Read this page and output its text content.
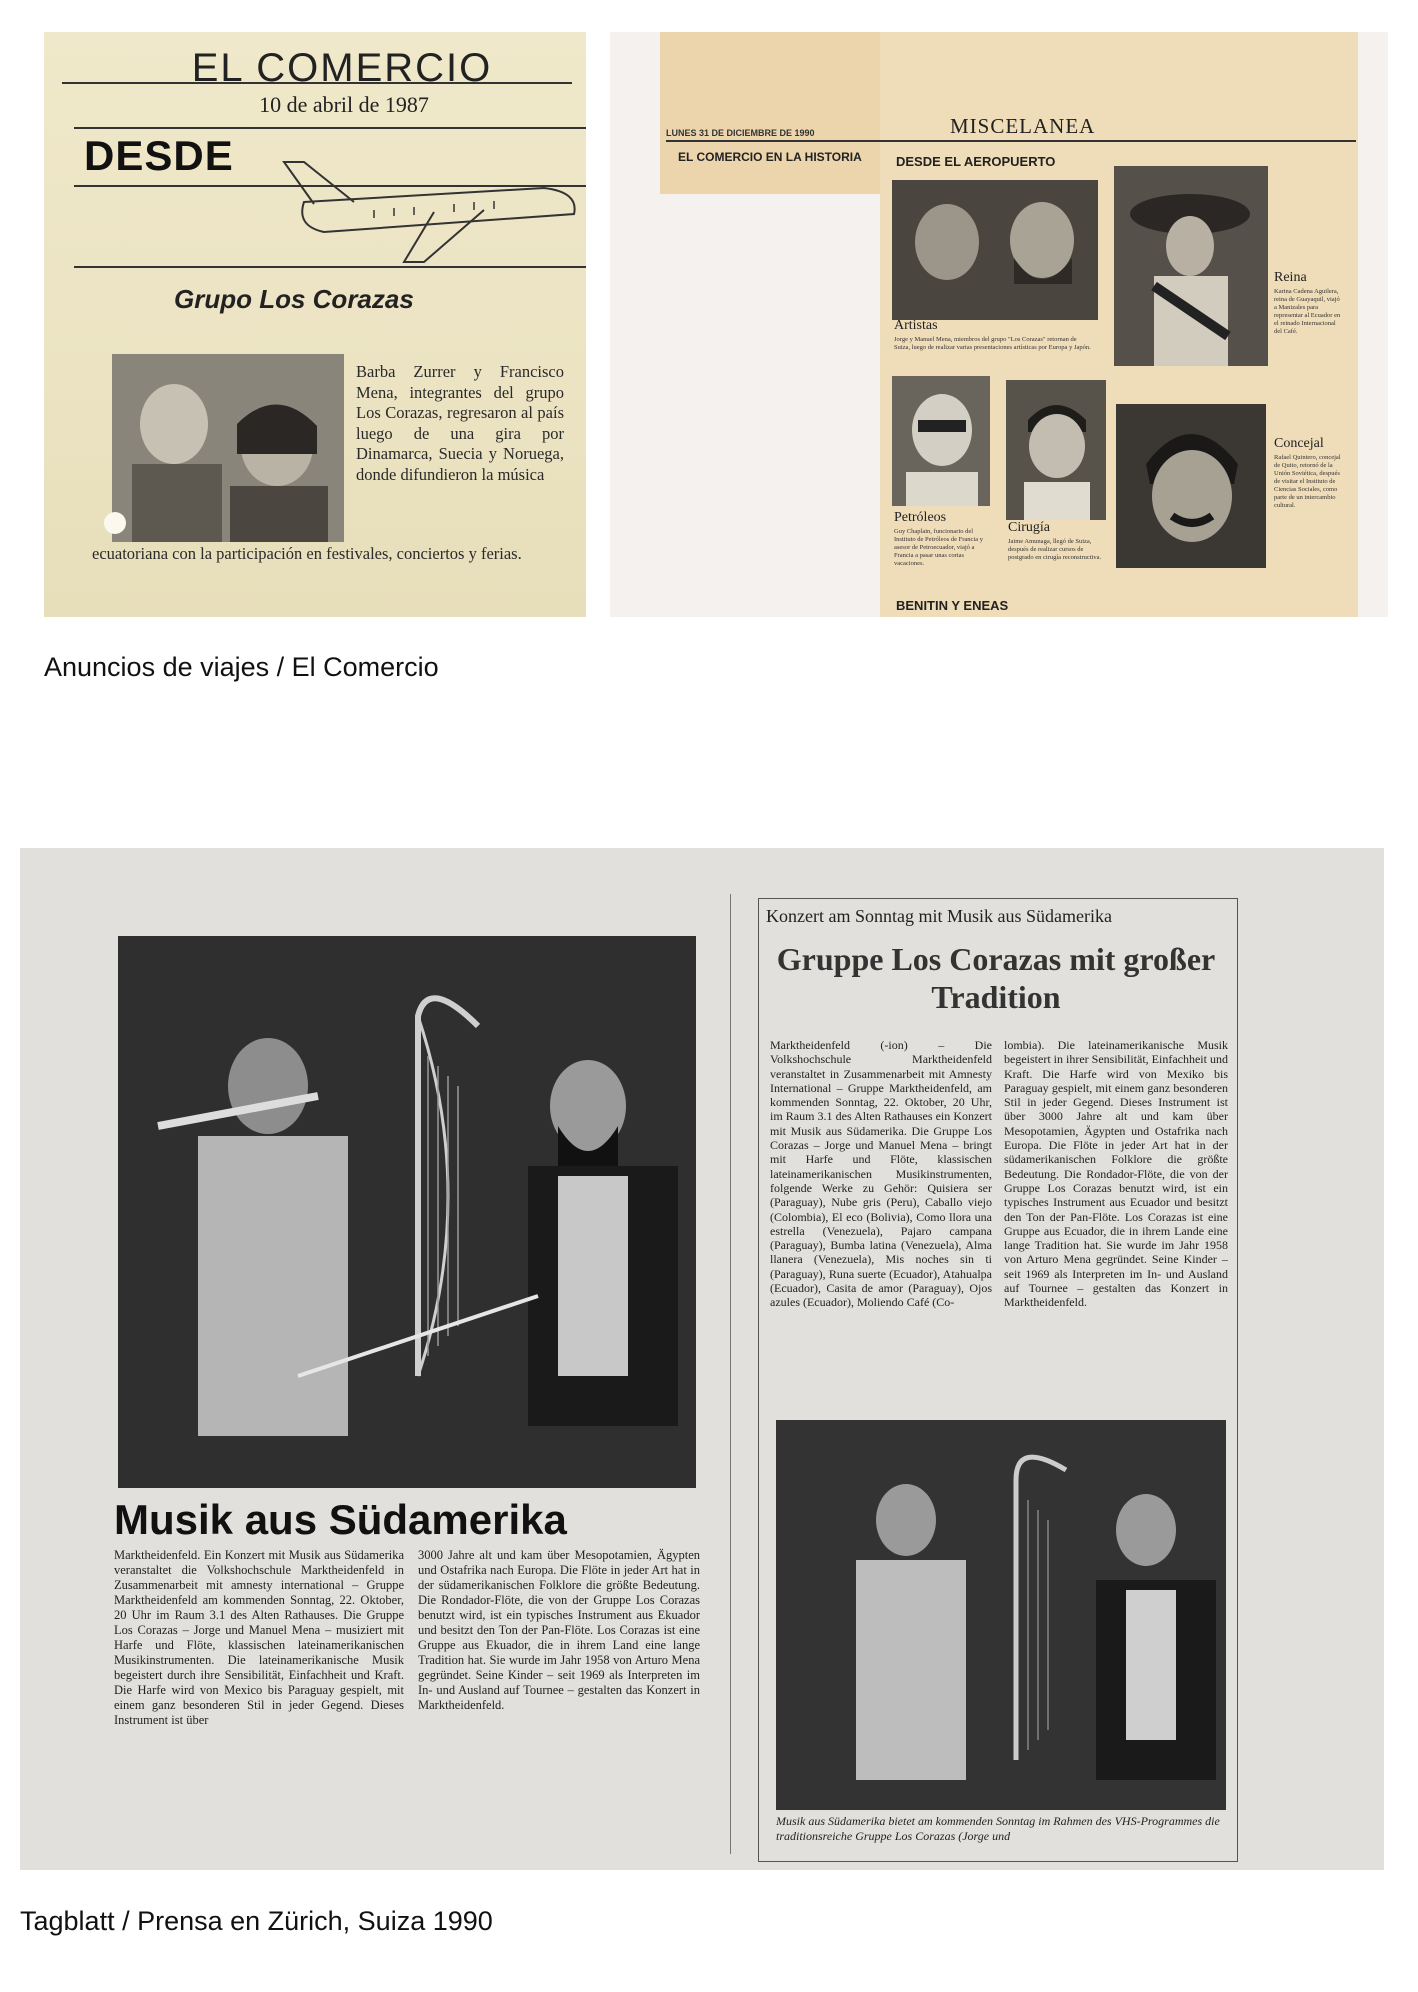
EL COMERCIO
10 de abril de 1987
DESDE
Grupo Los Corazas
Barba Zurrer y Francisco Mena, integrantes del grupo Los Corazas, regresaron al país luego de una gira por Dinamarca, Suecia y Noruega, donde difundieron la música
ecuatoriana con la participación en festivales, conciertos y ferias.
LUNES 31 DE DICIEMBRE DE 1990	MISCELANEA
EL COMERCIO EN LA HISTORIA	DESDE EL AEROPUERTO
Artistas
Jorge y Manuel Mena, miembros del grupo "Los Corazas" retornan de Suiza, luego de realizar varias presentaciones artísticas por Europa y Japón.
Reina
Karina Cadena Aguilera, reina de Guayaquil, viajó a Manizales para representar al Ecuador en el reinado Internacional del Café.
Petróleos
Guy Chaplain, funcionario del Instituto de Petróleos de Francia y asesor de Petroecuador, viajó a Francia a pasar unas cortas vacaciones.
Cirugía
Jaime Amunaga, llegó de Suiza, después de realizar cursos de postgrado en cirugía reconstructiva.
Concejal
Rafael Quintero, concejal de Quito, retornó de la Unión Soviética, después de visitar el Instituto de Ciencias Sociales, como parte de un intercambio cultural.
BENITIN Y ENEAS
Musik aus Südamerika
Marktheidenfeld. Ein Konzert mit Musik aus Südamerika veranstaltet die Volkshochschule Marktheidenfeld in Zusammenarbeit mit amnesty international – Gruppe Marktheidenfeld am kommenden Sonntag, 22. Oktober, 20 Uhr im Raum 3.1 des Alten Rathauses. Die Gruppe Los Corazas – Jorge und Manuel Mena – musiziert mit Harfe und Flöte, klassischen lateinamerikanischen Musikinstrumenten. Die lateinamerikanische Musik begeistert durch ihre Sensibilität, Einfachheit und Kraft. Die Harfe wird von Mexico bis Paraguay gespielt, mit einem ganz besonderen Stil in jeder Gegend. Dieses Instrument ist über
3000 Jahre alt und kam über Mesopotamien, Ägypten und Ostafrika nach Europa. Die Flöte in jeder Art hat in der südamerikanischen Folklore die größte Bedeutung. Die Rondador-Flöte, die von der Gruppe Los Corazas benutzt wird, ist ein typisches Instrument aus Ekuador und besitzt den Ton der Pan-Flöte. Los Corazas ist eine Gruppe aus Ekuador, die in ihrem Land eine lange Tradition hat. Sie wurde im Jahr 1958 von Arturo Mena gegründet. Seine Kinder – seit 1969 als Interpreten im In- und Ausland auf Tournee – gestalten das Konzert in Marktheidenfeld.
Konzert am Sonntag mit Musik aus Südamerika
Gruppe Los Corazas mit großer Tradition
Marktheidenfeld (-ion) – Die Volkshochschule Marktheidenfeld veranstaltet in Zusammenarbeit mit Amnesty International – Gruppe Marktheidenfeld, am kommenden Sonntag, 22. Oktober, 20 Uhr, im Raum 3.1 des Alten Rathauses ein Konzert mit Musik aus Südamerika. Die Gruppe Los Corazas – Jorge und Manuel Mena – bringt mit Harfe und Flöte, klassischen lateinamerikanischen Musikinstrumenten, folgende Werke zu Gehör: Quisiera ser (Paraguay), Nube gris (Peru), Caballo viejo (Colombia), El eco (Bolivia), Como llora una estrella (Venezuela), Pajaro campana (Paraguay), Bumba latina (Venezuela), Alma llanera (Venezuela), Mis noches sin ti (Paraguay), Runa suerte (Ecuador), Atahualpa (Ecuador), Casita de amor (Paraguay), Ojos azules (Ecuador), Moliendo Café (Co-
lombia). Die lateinamerikanische Musik begeistert in ihrer Sensibilität, Einfachheit und Kraft. Die Harfe wird von Mexiko bis Paraguay gespielt, mit einem ganz besonderen Stil in jeder Gegend. Dieses Instrument ist über 3000 Jahre alt und kam über Mesopotamien, Ägypten und Ostafrika nach Europa. Die Flöte in jeder Art hat in der südamerikanischen Folklore die größte Bedeutung. Die Rondador-Flöte, die von der Gruppe Los Corazas benutzt wird, ist ein typisches Instrument aus Ecuador und besitzt den Ton der Pan-Flöte. Los Corazas ist eine Gruppe aus Ecuador, die in ihrem Lande eine lange Tradition hat. Sie wurde im Jahr 1958 von Arturo Mena gegründet. Seine Kinder – seit 1969 als Interpreten im In- und Ausland auf Tournee – gestalten das Konzert in Marktheidenfeld.
Musik aus Südamerika bietet am kommenden Sonntag im Rahmen des VHS-Programmes die traditionsreiche Gruppe Los Corazas (Jorge und
Anuncios de viajes / El Comercio
Tagblatt / Prensa en Zürich, Suiza 1990
